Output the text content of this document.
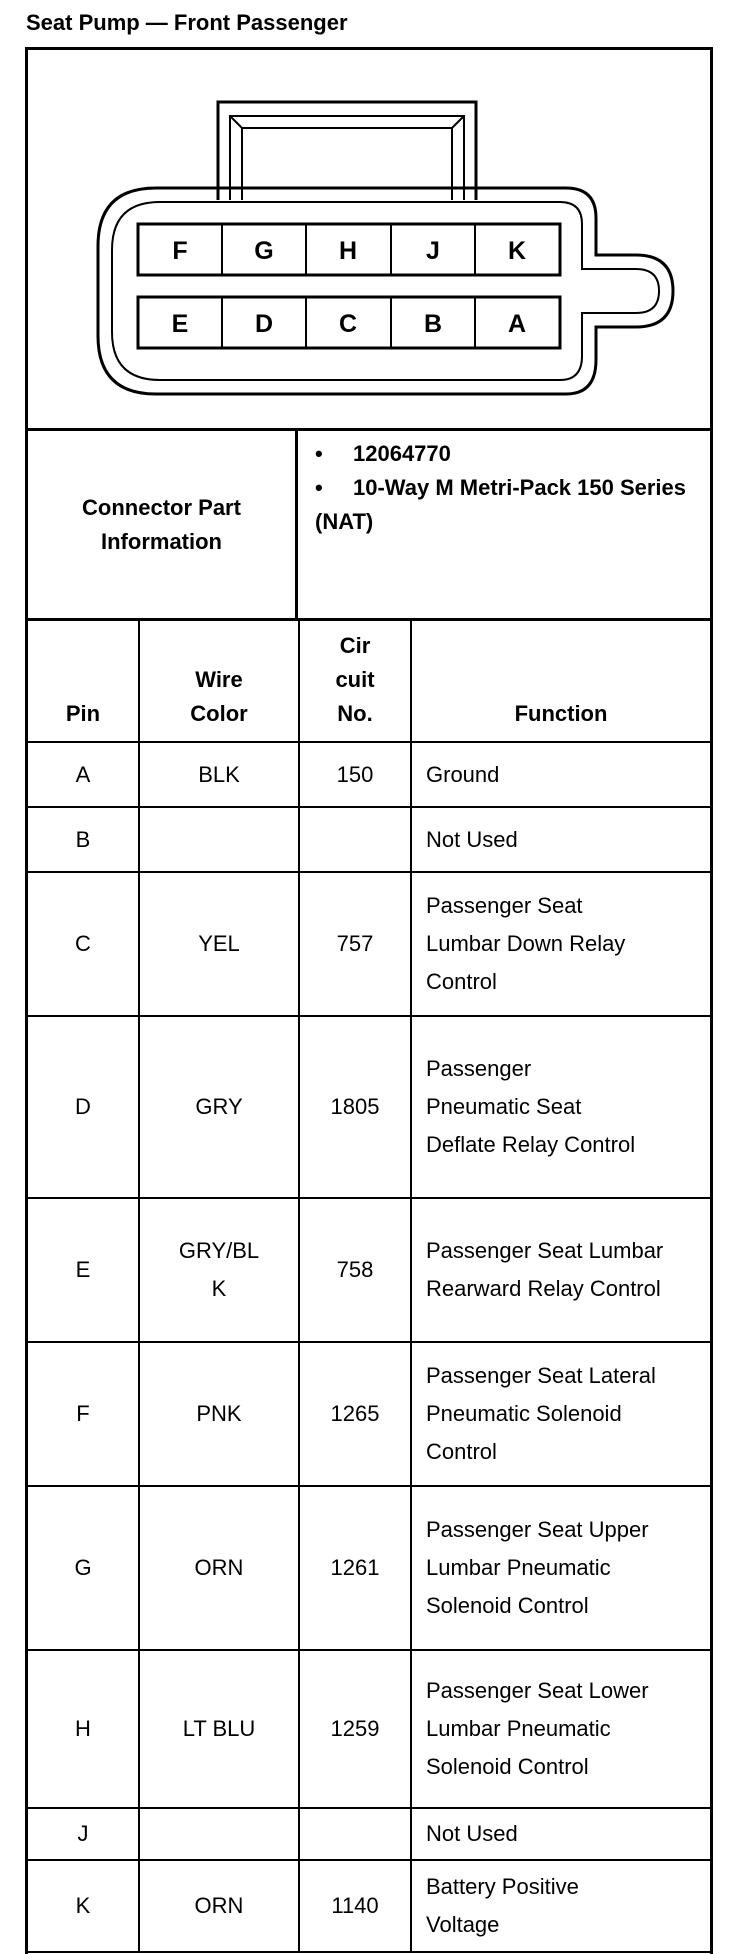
Seat Pump — Front Passenger
F	G	H	J	K
E	D	C	B	A
Connector Part Information
• 12064770
• 10-Way M Metri-Pack 150 Series (NAT)
Pin	Wire Color	Cir cuit No.	Function
A	BLK	150	Ground
B			Not Used
C	YEL	757	Passenger Seat Lumbar Down Relay Control

D	GRY	1805	Passenger Pneumatic Seat Deflate Relay Control

E	GRY/BLK	758	Passenger Seat Lumbar Rearward Relay Control

F	PNK	1265	Passenger Seat Lateral Pneumatic Solenoid Control

G	ORN	1261	Passenger Seat Upper Lumbar Pneumatic Solenoid Control

H	LT BLU	1259	Passenger Seat Lower Lumbar Pneumatic Solenoid Control

J			Not Used
K	ORN	1140	Battery Positive Voltage
